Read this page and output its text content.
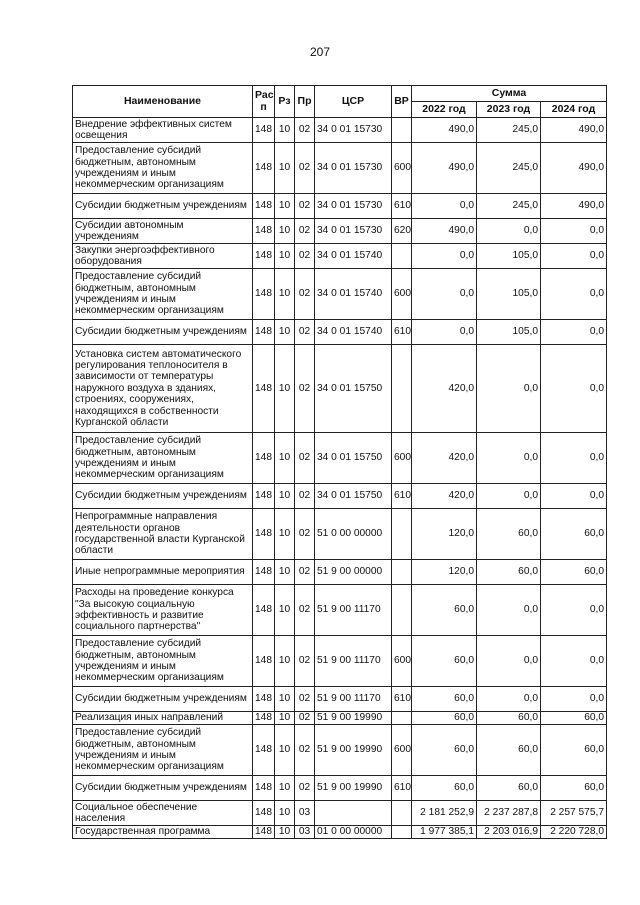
207
Наименование	Рас п	Рз	Пр	ЦСР	ВР	Сумма		
						2022 год	2023 год	2024 год
Внедрение эффективных систем освещения	148	10	02	34 0 01 15730		490,0	245,0	490,0
Предоставление субсидий бюджетным, автономным учреждениям и иным некоммерческим организациям	148	10	02	34 0 01 15730	600	490,0	245,0	490,0
Субсидии бюджетным учреждениям	148	10	02	34 0 01 15730	610	0,0	245,0	490,0
Субсидии автономным учреждениям	148	10	02	34 0 01 15730	620	490,0	0,0	0,0
Закупки энергоэффективного оборудования	148	10	02	34 0 01 15740		0,0	105,0	0,0
Предоставление субсидий бюджетным, автономным учреждениям и иным некоммерческим организациям	148	10	02	34 0 01 15740	600	0,0	105,0	0,0
Субсидии бюджетным учреждениям	148	10	02	34 0 01 15740	610	0,0	105,0	0,0
Установка систем автоматического регулирования теплоносителя в зависимости от температуры наружного воздуха в зданиях, строениях, сооружениях, находящихся в собственности Курганской области	148	10	02	34 0 01 15750		420,0	0,0	0,0
Предоставление субсидий бюджетным, автономным учреждениям и иным некоммерческим организациям	148	10	02	34 0 01 15750	600	420,0	0,0	0,0
Субсидии бюджетным учреждениям	148	10	02	34 0 01 15750	610	420,0	0,0	0,0
Непрограммные направления деятельности органов государственной власти Курганской области	148	10	02	51 0 00 00000		120,0	60,0	60,0
Иные непрограммные мероприятия	148	10	02	51 9 00 00000		120,0	60,0	60,0
Расходы на проведение конкурса "За высокую социальную эффективность и развитие социального партнерства"	148	10	02	51 9 00 11170		60,0	0,0	0,0
Предоставление субсидий бюджетным, автономным учреждениям и иным некоммерческим организациям	148	10	02	51 9 00 11170	600	60,0	0,0	0,0
Субсидии бюджетным учреждениям	148	10	02	51 9 00 11170	610	60,0	0,0	0,0
Реализация иных направлений	148	10	02	51 9 00 19990		60,0	60,0	60,0
Предоставление субсидий бюджетным, автономным учреждениям и иным некоммерческим организациям	148	10	02	51 9 00 19990	600	60,0	60,0	60,0
Субсидии бюджетным учреждениям	148	10	02	51 9 00 19990	610	60,0	60,0	60,0
Социальное обеспечение населения	148	10	03			2 181 252,9	2 237 287,8	2 257 575,7
Государственная программа	148	10	03	01 0 00 00000		1 977 385,1	2 203 016,9	2 220 728,0
